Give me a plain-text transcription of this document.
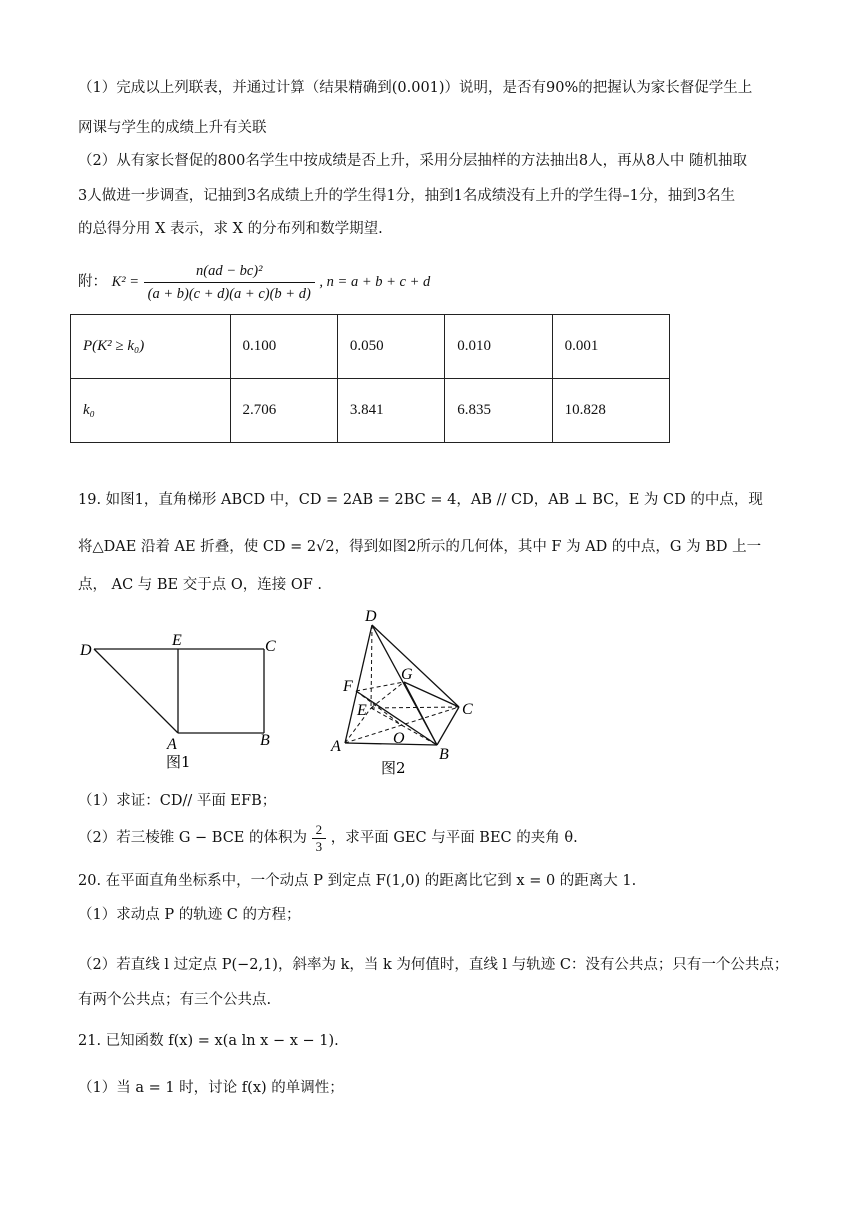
（1）完成以上列联表，并通过计算（结果精确到(0.001)）说明，是否有90%的把握认为家长督促学生上
网课与学生的成绩上升有关联
（2）从有家长督促的800名学生中按成绩是否上升，采用分层抽样的方法抽出8人，再从8人中 随机抽取
3人做进一步调查，记抽到3名成绩上升的学生得1分，抽到1名成绩没有上升的学生得–1分，抽到3名生
的总得分用 X 表示，求 X 的分布列和数学期望.
附： $K^2 = \frac{\text{n(ad − bc)²}}{(a + b)(c + d)(a + c)(b + d)}$ , n = a + b + c + d
P(K² ≥ k₀)	0.100	0.050	0.010	0.001
k₀	2.706	3.841	6.835	10.828
19. 如图1，直角梯形 ABCD 中，CD = 2AB = 2BC = 4，AB // CD，AB ⊥ BC，E 为 CD 的中点，现
将△DAE 沿着 AE 折叠，使 CD = 2√2，得到如图2所示的几何体，其中 F 为 AD 的中点，G 为 BD 上一
点， AC 与 BE 交于点 O，连接 OF .
D
E	C
A	B
图1
D
F
G
E	C
A	O
B
图2
（1）求证：CD// 平面 EFB；
（2）若三棱锥 G − BCE 的体积为 $\frac{2}{3}$ ，求平面 GEC 与平面 BEC 的夹角 θ.
20. 在平面直角坐标系中，一个动点 P 到定点 F(1,0) 的距离比它到 x = 0 的距离大 1.
（1）求动点 P 的轨迹 C 的方程；
（2）若直线 l 过定点 P(−2,1)，斜率为 k，当 k 为何值时，直线 l 与轨迹 C：没有公共点；只有一个公共点；
有两个公共点；有三个公共点.
21. 已知函数 f(x) = x(a ln x − x − 1).
（1）当 a = 1 时，讨论 f(x) 的单调性；
